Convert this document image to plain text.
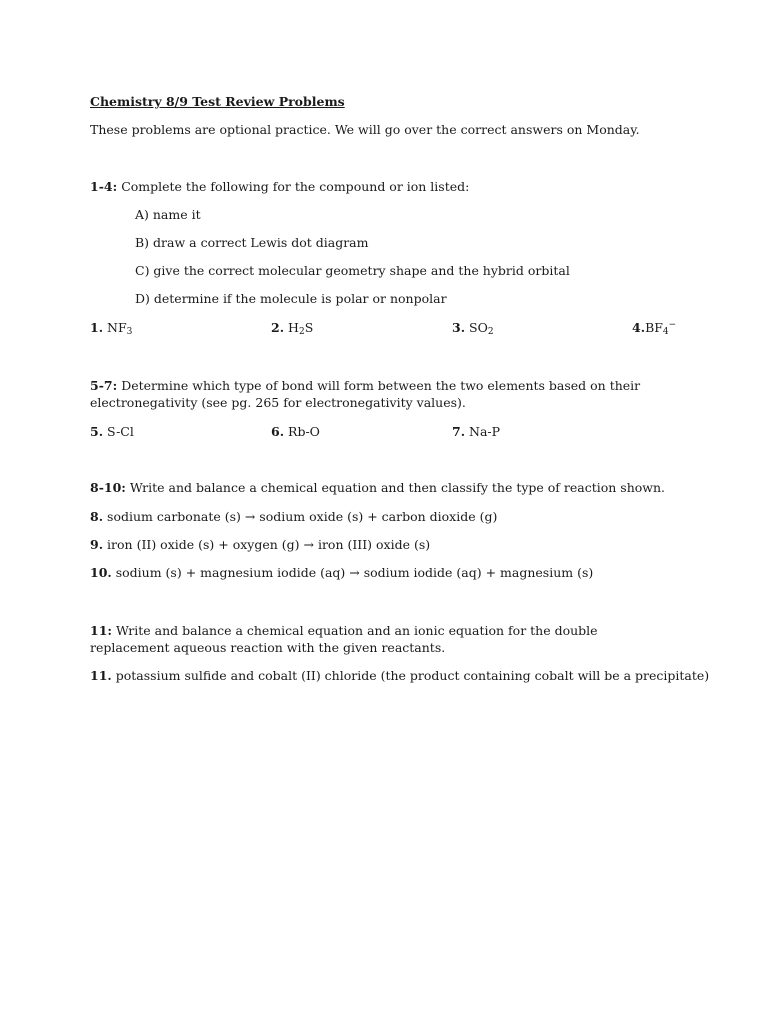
Chemistry 8/9 Test Review Problems
These problems are optional practice. We will go over the correct answers on Monday.
1-4: Complete the following for the compound or ion listed:
A) name it
B) draw a correct Lewis dot diagram
C) give the correct molecular geometry shape and the hybrid orbital
D) determine if the molecule is polar or nonpolar
1. $NF_3$	2. $H_2S$	3. $SO_2$	$4.BF_4^-$
5-7: Determine which type of bond will form between the two elements based on their electronegativity (see pg. 265 for electronegativity values).
5. S-Cl	6. Rb-O	7. Na-P
8-10: Write and balance a chemical equation and then classify the type of reaction shown.
8. sodium carbonate (s) → sodium oxide (s) + carbon dioxide (g)
9. iron (II) oxide (s) + oxygen (g) → iron (III) oxide (s)
10. sodium (s) + magnesium iodide (aq) → sodium iodide (aq) + magnesium (s)
11: Write and balance a chemical equation and an ionic equation for the double replacement aqueous reaction with the given reactants.
11. potassium sulfide and cobalt (II) chloride (the product containing cobalt will be a precipitate)
